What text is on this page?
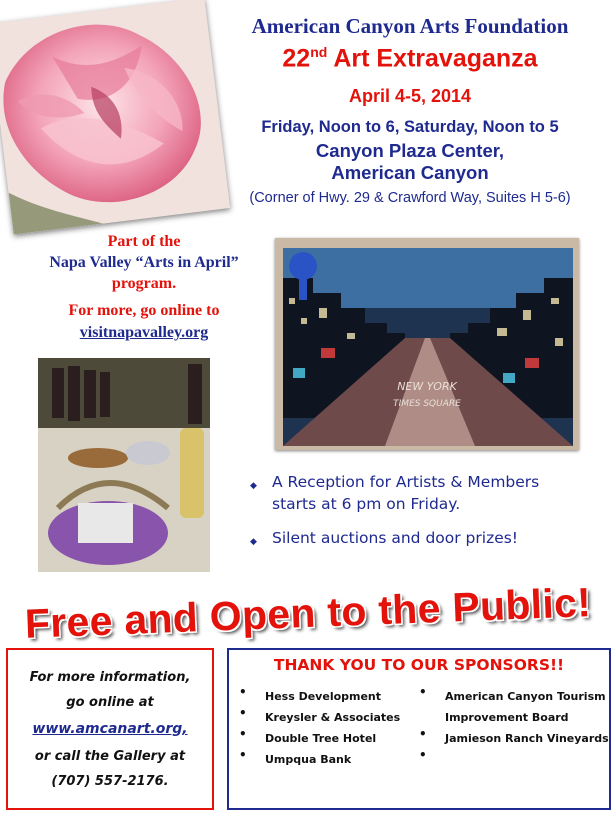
American Canyon Arts Foundation
22nd Art Extravaganza
April 4-5, 2014
Friday, Noon to 6, Saturday, Noon to 5
Canyon Plaza Center,
American Canyon
(Corner of Hwy. 29 & Crawford Way, Suites H 5-6)
Part of the
Napa Valley “Arts in April”
program.
For more, go online to
visitnapavalley.org
NEW YORK
TIMES SQUARE
◆ A Reception for Artists & Members
starts at 6 pm on Friday.
◆ Silent auctions and door prizes!
Free and Open to the Public!
For more information,
go online at
www.amcanart.org,
or call the Gallery at
(707) 557-2176.
THANK YOU TO OUR SPONSORS!!
•	Hess Development
•	Kreysler & Associates
•	Double Tree Hotel
•	Umpqua Bank
•	American Canyon Tourism
Improvement Board
•	Jamieson Ranch Vineyards
•
